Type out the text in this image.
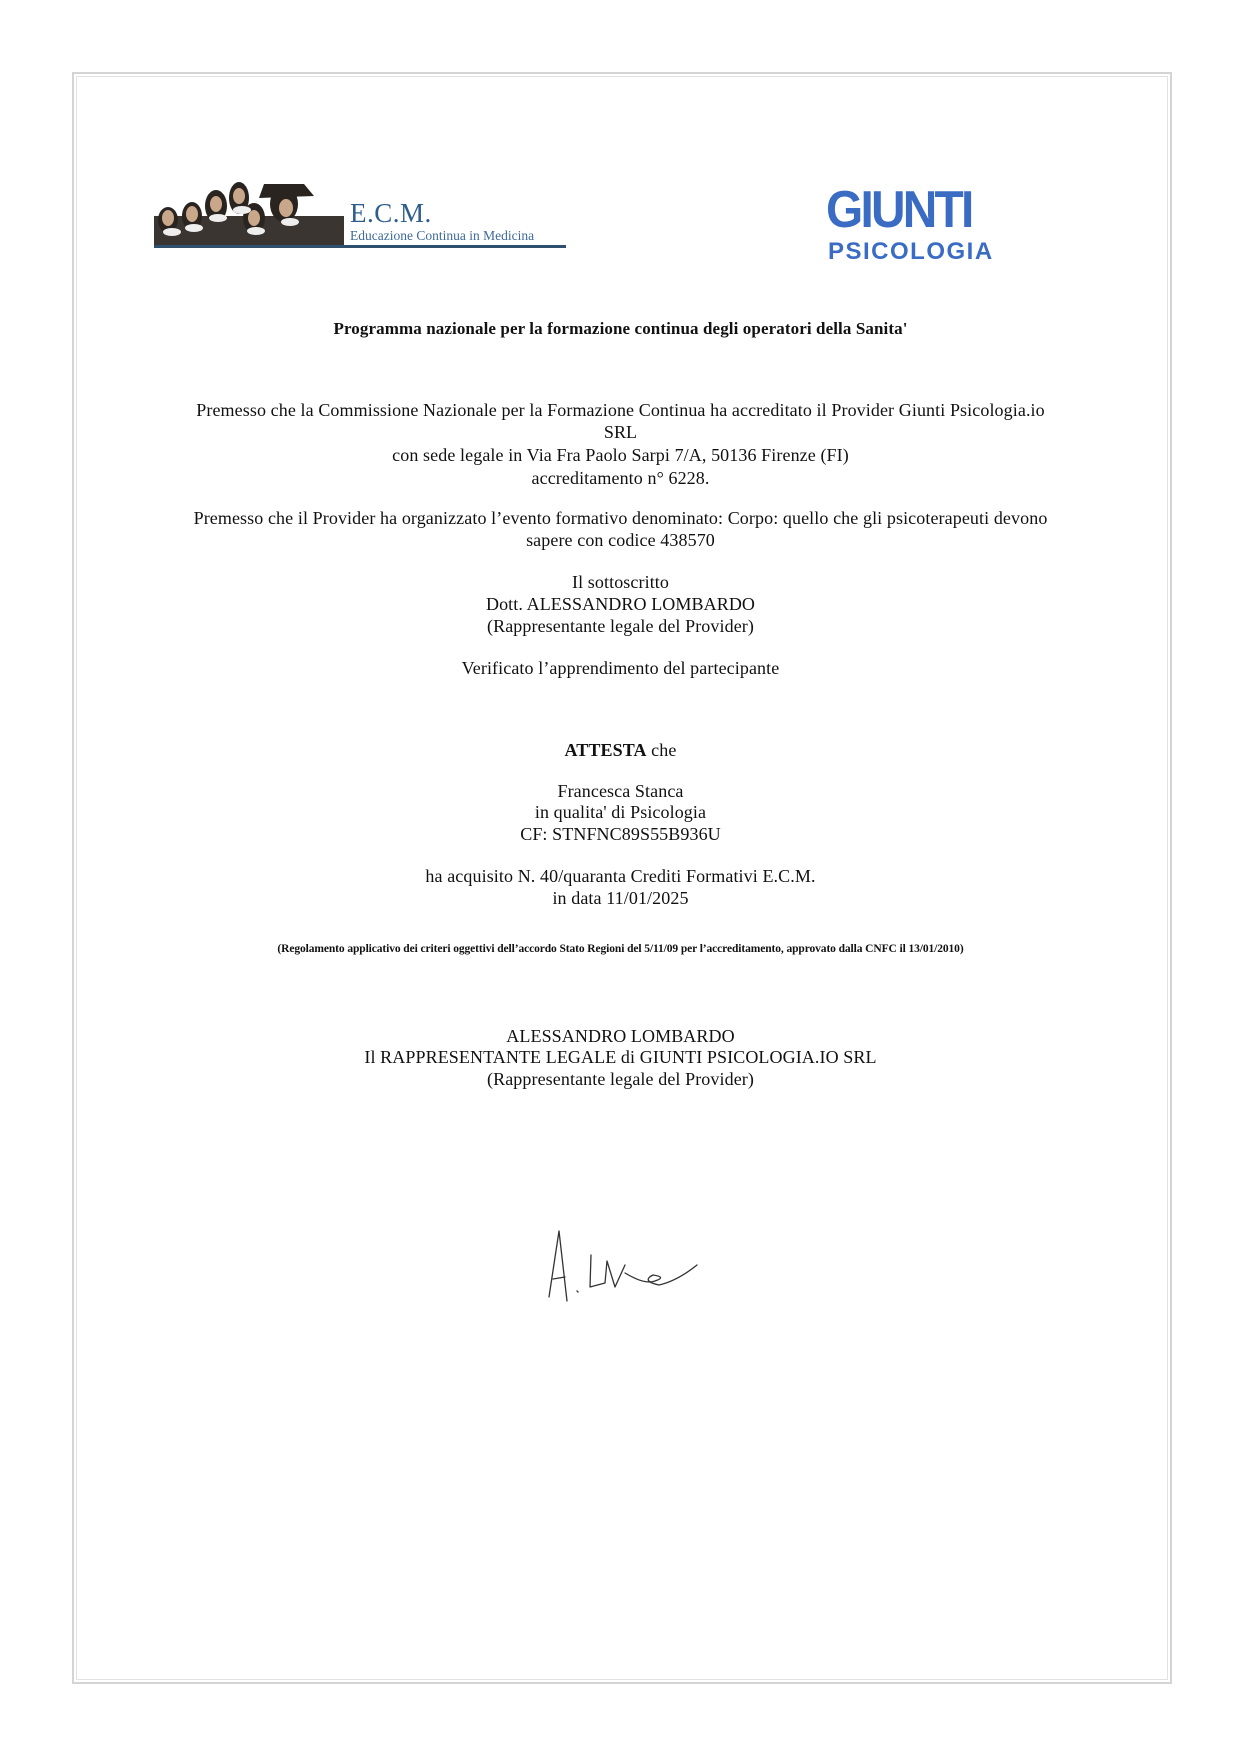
E.C.M.
Educazione Continua in Medicina	GIUNTI
PSICOLOGIA
Programma nazionale per la formazione continua degli operatori della Sanita'
Premesso che la Commissione Nazionale per la Formazione Continua ha accreditato il Provider Giunti Psicologia.io
SRL
con sede legale in Via Fra Paolo Sarpi 7/A, 50136 Firenze (FI)
accreditamento n° 6228.
Premesso che il Provider ha organizzato l’evento formativo denominato: Corpo: quello che gli psicoterapeuti devono
sapere con codice 438570
Il sottoscritto
Dott. ALESSANDRO LOMBARDO
(Rappresentante legale del Provider)
Verificato l’apprendimento del partecipante
ATTESTA che
Francesca Stanca
in qualita' di Psicologia
CF: STNFNC89S55B936U
ha acquisito N. 40/quaranta Crediti Formativi E.C.M.
in data 11/01/2025
(Regolamento applicativo dei criteri oggettivi dell’accordo Stato Regioni del 5/11/09 per l’accreditamento, approvato dalla CNFC il 13/01/2010)
ALESSANDRO LOMBARDO
Il RAPPRESENTANTE LEGALE di GIUNTI PSICOLOGIA.IO SRL
(Rappresentante legale del Provider)
